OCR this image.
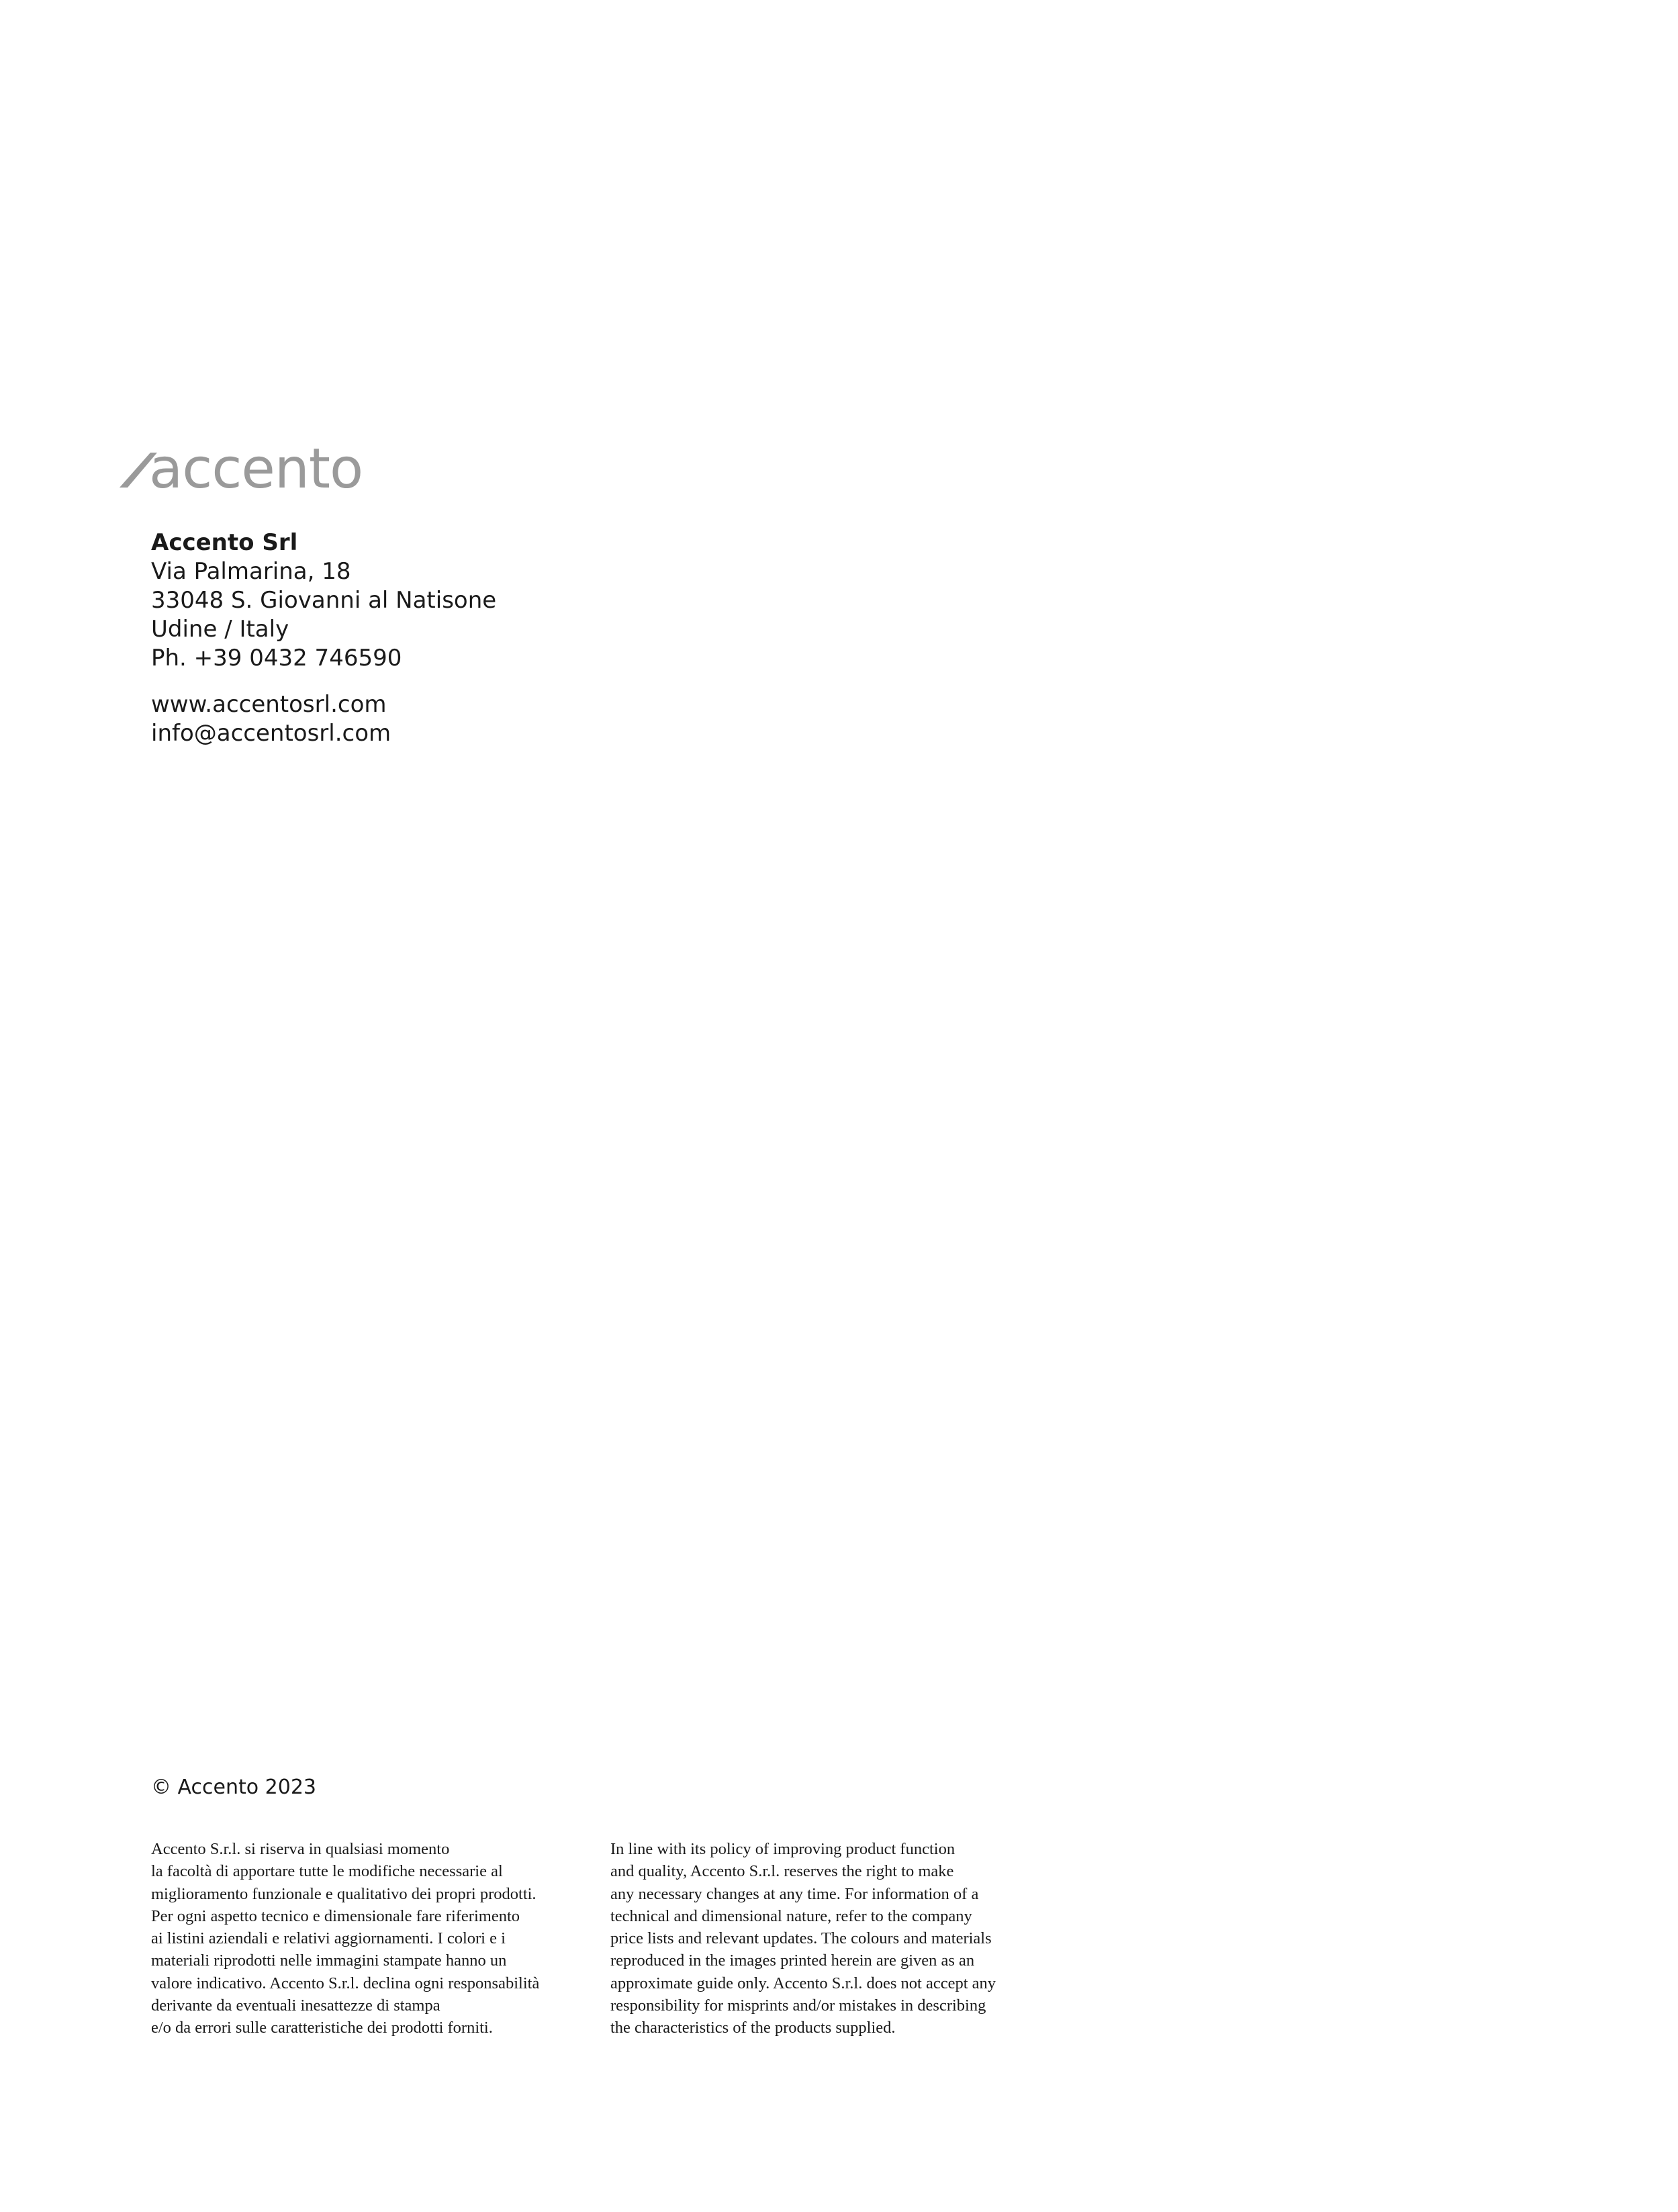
accento
Accento Srl
Via Palmarina, 18
33048 S. Giovanni al Natisone
Udine / Italy
Ph. +39 0432 746590
www.accentosrl.com
info@accentosrl.com
© Accento 2023
Accento S.r.l. si riserva in qualsiasi momento
la facoltà di apportare tutte le modifiche necessarie al
miglioramento funzionale e qualitativo dei propri prodotti.
Per ogni aspetto tecnico e dimensionale fare riferimento
ai listini aziendali e relativi aggiornamenti. I colori e i
materiali riprodotti nelle immagini stampate hanno un
valore indicativo. Accento S.r.l. declina ogni responsabilità
derivante da eventuali inesattezze di stampa
e/o da errori sulle caratteristiche dei prodotti forniti.
In line with its policy of improving product function
and quality, Accento S.r.l. reserves the right to make
any necessary changes at any time. For information of a
technical and dimensional nature, refer to the company
price lists and relevant updates. The colours and materials
reproduced in the images printed herein are given as an
approximate guide only. Accento S.r.l. does not accept any
responsibility for misprints and/or mistakes in describing
the characteristics of the products supplied.
